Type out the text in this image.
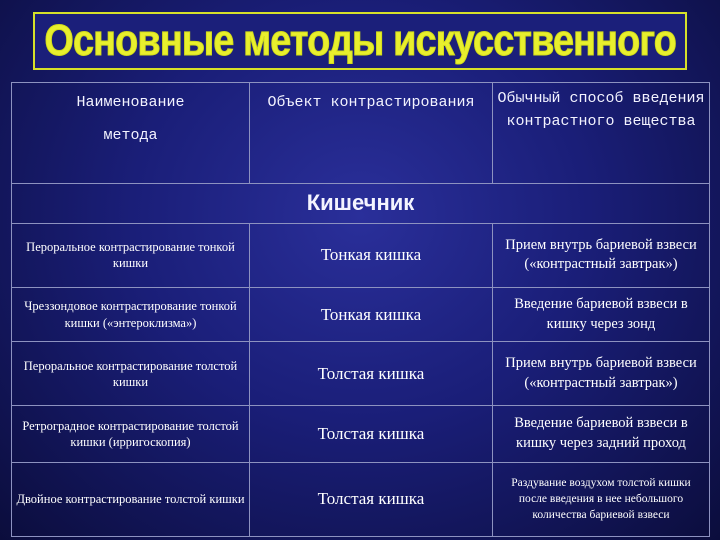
Основные методы искусственного
Наименование
метода	Объект контрастирования	Обычный способ введения контрастного вещества
Кишечник		
Пероральное контрастирование тонкой кишки	Тонкая кишка	Прием внутрь бариевой взвеси («контрастный завтрак»)
Чреззондовое контрастирование тонкой кишки («энтероклизма»)	Тонкая кишка	Введение бариевой взвеси в кишку через зонд
Пероральное контрастирование толстой кишки	Толстая кишка	Прием внутрь бариевой взвеси («контрастный завтрак»)
Ретроградное контрастирование толстой кишки (ирригоскопия)	Толстая кишка	Введение бариевой взвеси в кишку через задний проход
Двойное контрастирование толстой кишки	Толстая кишка	Раздувание воздухом толстой кишки после введения в нее небольшого количества бариевой взвеси
